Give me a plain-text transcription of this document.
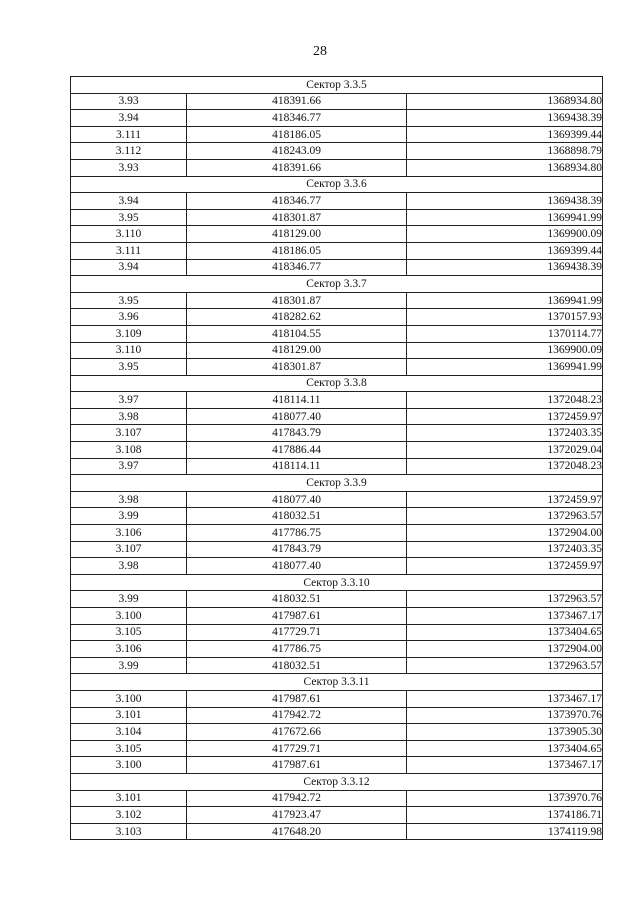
28
Сектор 3.3.5		
3.93	418391.66	1368934.80
3.94	418346.77	1369438.39
3.111	418186.05	1369399.44
3.112	418243.09	1368898.79
3.93	418391.66	1368934.80
Сектор 3.3.6		
3.94	418346.77	1369438.39
3.95	418301.87	1369941.99
3.110	418129.00	1369900.09
3.111	418186.05	1369399.44
3.94	418346.77	1369438.39
Сектор 3.3.7		
3.95	418301.87	1369941.99
3.96	418282.62	1370157.93
3.109	418104.55	1370114.77
3.110	418129.00	1369900.09
3.95	418301.87	1369941.99
Сектор 3.3.8		
3.97	418114.11	1372048.23
3.98	418077.40	1372459.97
3.107	417843.79	1372403.35
3.108	417886.44	1372029.04
3.97	418114.11	1372048.23
Сектор 3.3.9		
3.98	418077.40	1372459.97
3.99	418032.51	1372963.57
3.106	417786.75	1372904.00
3.107	417843.79	1372403.35
3.98	418077.40	1372459.97
Сектор 3.3.10		
3.99	418032.51	1372963.57
3.100	417987.61	1373467.17
3.105	417729.71	1373404.65
3.106	417786.75	1372904.00
3.99	418032.51	1372963.57
Сектор 3.3.11		
3.100	417987.61	1373467.17
3.101	417942.72	1373970.76
3.104	417672.66	1373905.30
3.105	417729.71	1373404.65
3.100	417987.61	1373467.17
Сектор 3.3.12		
3.101	417942.72	1373970.76
3.102	417923.47	1374186.71
3.103	417648.20	1374119.98
